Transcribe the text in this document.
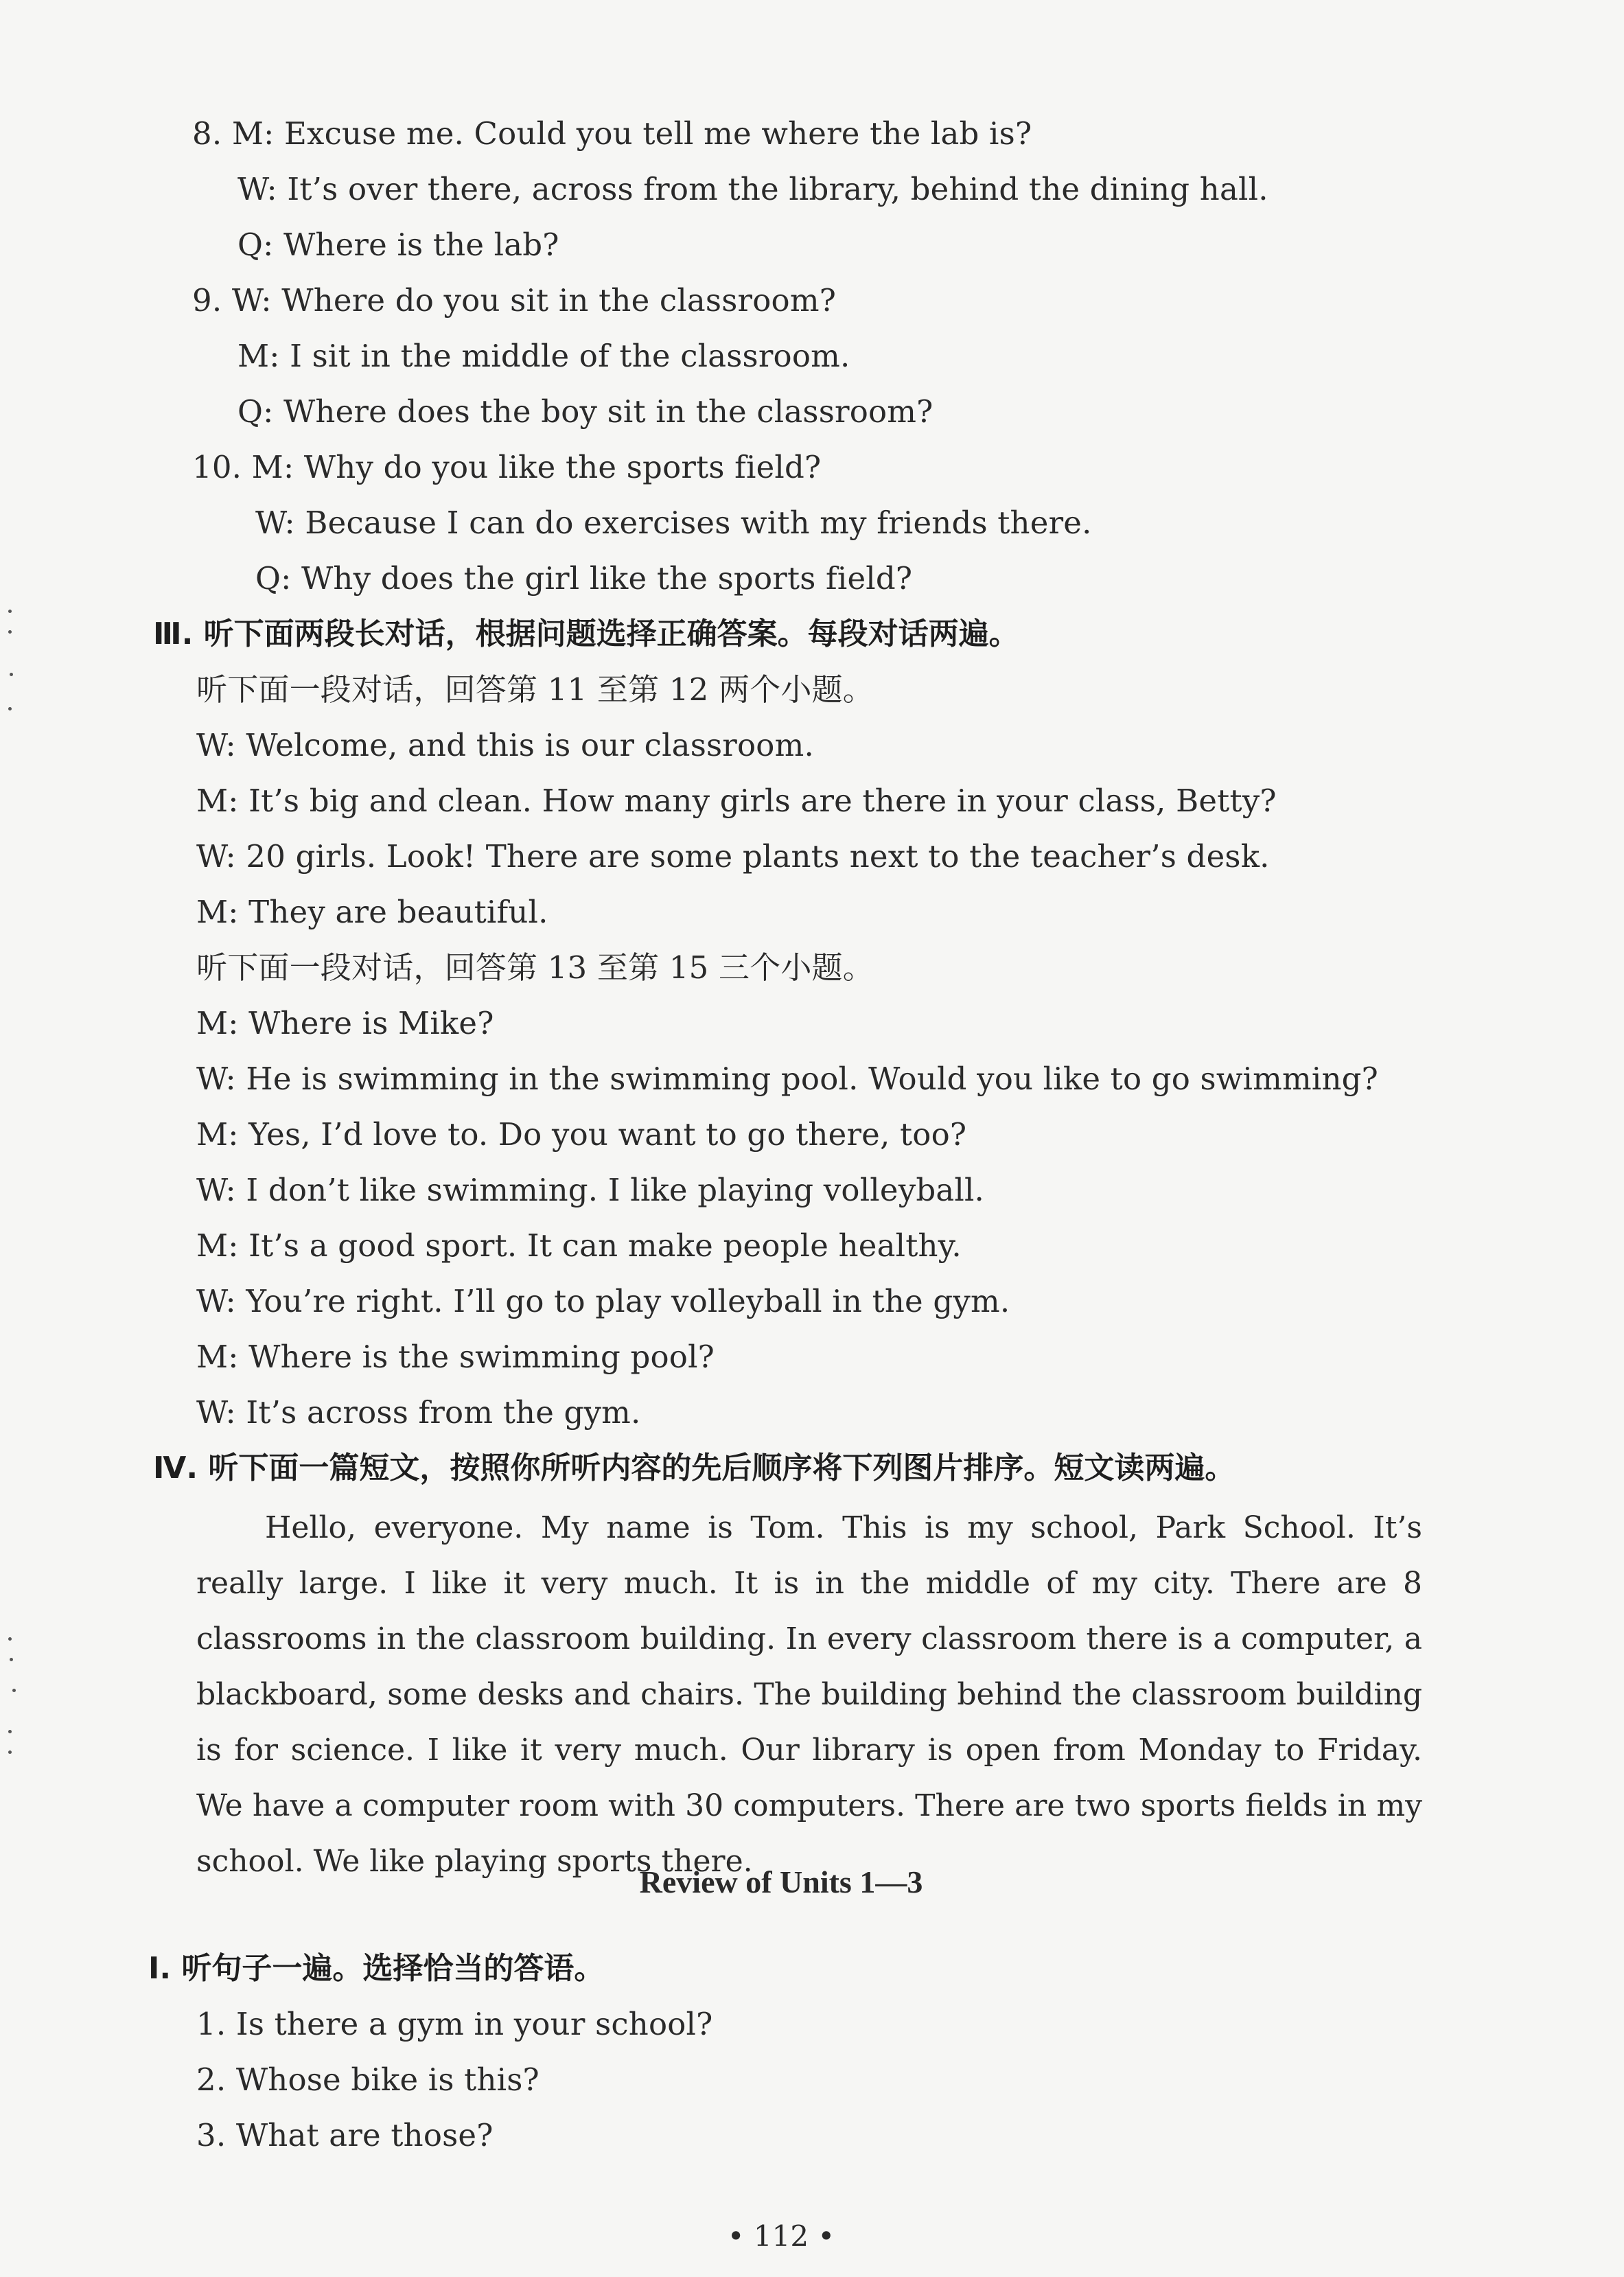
8. M: Excuse me. Could you tell me where the lab is?
W: It’s over there, across from the library, behind the dining hall.
Q: Where is the lab?
9. W: Where do you sit in the classroom?
M: I sit in the middle of the classroom.
Q: Where does the boy sit in the classroom?
10. M: Why do you like the sports field?
W: Because I can do exercises with my friends there.
Q: Why does the girl like the sports field?
Ⅲ. 听下面两段长对话，根据问题选择正确答案。每段对话两遍。
听下面一段对话，回答第 11 至第 12 两个小题。
W: Welcome, and this is our classroom.
M: It’s big and clean. How many girls are there in your class, Betty?
W: 20 girls. Look! There are some plants next to the teacher’s desk.
M: They are beautiful.
听下面一段对话，回答第 13 至第 15 三个小题。
M: Where is Mike?
W: He is swimming in the swimming pool. Would you like to go swimming?
M: Yes, I’d love to. Do you want to go there, too?
W: I don’t like swimming. I like playing volleyball.
M: It’s a good sport. It can make people healthy.
W: You’re right. I’ll go to play volleyball in the gym.
M: Where is the swimming pool?
W: It’s across from the gym.
Ⅳ. 听下面一篇短文，按照你所听内容的先后顺序将下列图片排序。短文读两遍。
Hello, everyone. My name is Tom. This is my school, Park School. It’s really large. I like it very much. It is in the middle of my city. There are 8 classrooms in the classroom building. In every classroom there is a computer, a blackboard, some desks and chairs. The building behind the classroom building is for science. I like it very much. Our library is open from Monday to Friday. We have a computer room with 30 computers. There are two sports fields in my school. We like playing sports there.
Review of Units 1—3
Ⅰ. 听句子一遍。选择恰当的答语。
1. Is there a gym in your school?
2. Whose bike is this?
3. What are those?
• 112 •
